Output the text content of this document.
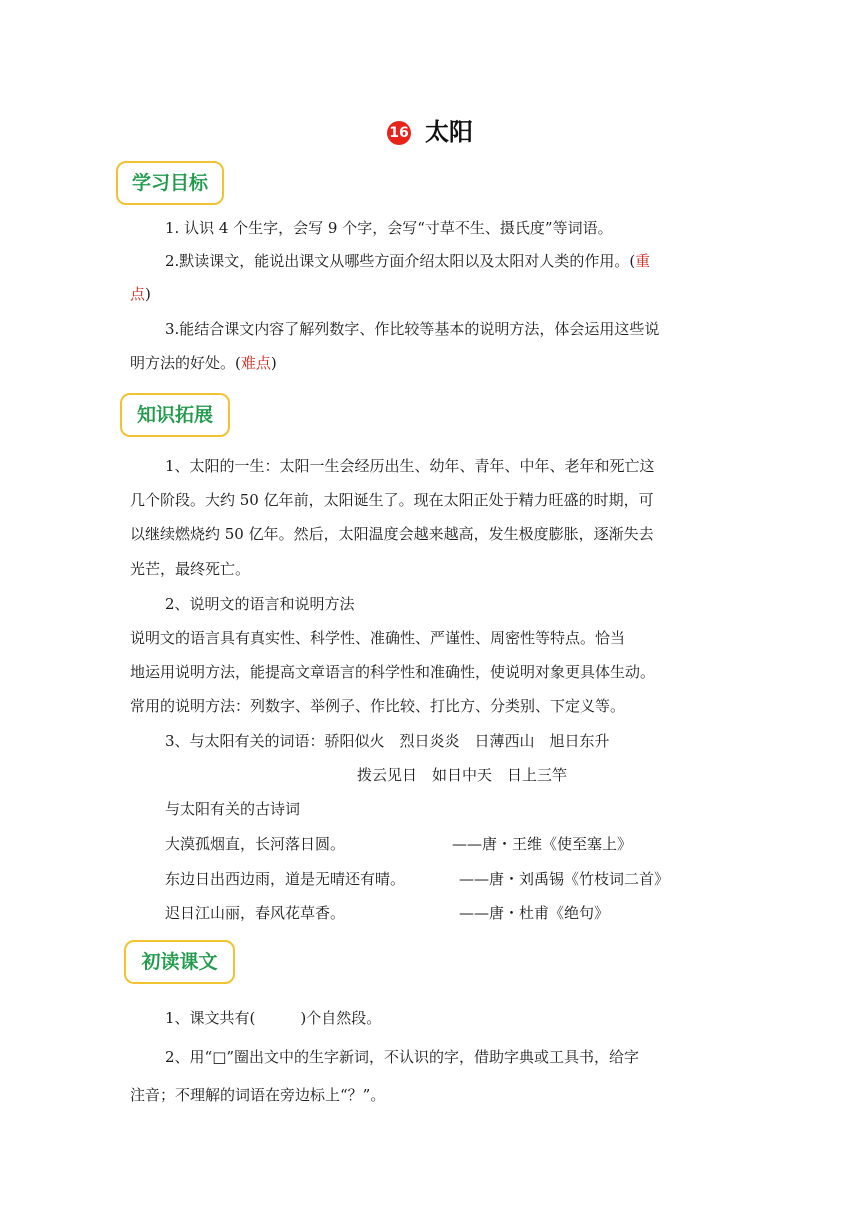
16 太阳
学习目标
1. 认识 4 个生字，会写 9 个字，会写“寸草不生、摄氏度”等词语。
2.默读课文，能说出课文从哪些方面介绍太阳以及太阳对人类的作用。(重
点)
3.能结合课文内容了解列数字、作比较等基本的说明方法，体会运用这些说
明方法的好处。(难点)
知识拓展
1、太阳的一生：太阳一生会经历出生、幼年、青年、中年、老年和死亡这
几个阶段。大约 50 亿年前，太阳诞生了。现在太阳正处于精力旺盛的时期，可
以继续燃烧约 50 亿年。然后，太阳温度会越来越高，发生极度膨胀，逐渐失去
光芒，最终死亡。
2、说明文的语言和说明方法
说明文的语言具有真实性、科学性、准确性、严谨性、周密性等特点。恰当
地运用说明方法，能提高文章语言的科学性和准确性，使说明对象更具体生动。
常用的说明方法：列数字、举例子、作比较、打比方、分类别、下定义等。
3、与太阳有关的词语：骄阳似火　烈日炎炎　日薄西山　旭日东升
拨云见日　如日中天　日上三竿
与太阳有关的古诗词
大漠孤烟直，长河落日圆。	——唐・王维《使至塞上》
东边日出西边雨，道是无晴还有晴。	——唐・刘禹锡《竹枝词二首》
迟日江山丽，春风花草香。	——唐・杜甫《绝句》
初读课文
1、课文共有(　　　)个自然段。
2、用“□”圈出文中的生字新词，不认识的字，借助字典或工具书，给字
注音；不理解的词语在旁边标上“？”。
